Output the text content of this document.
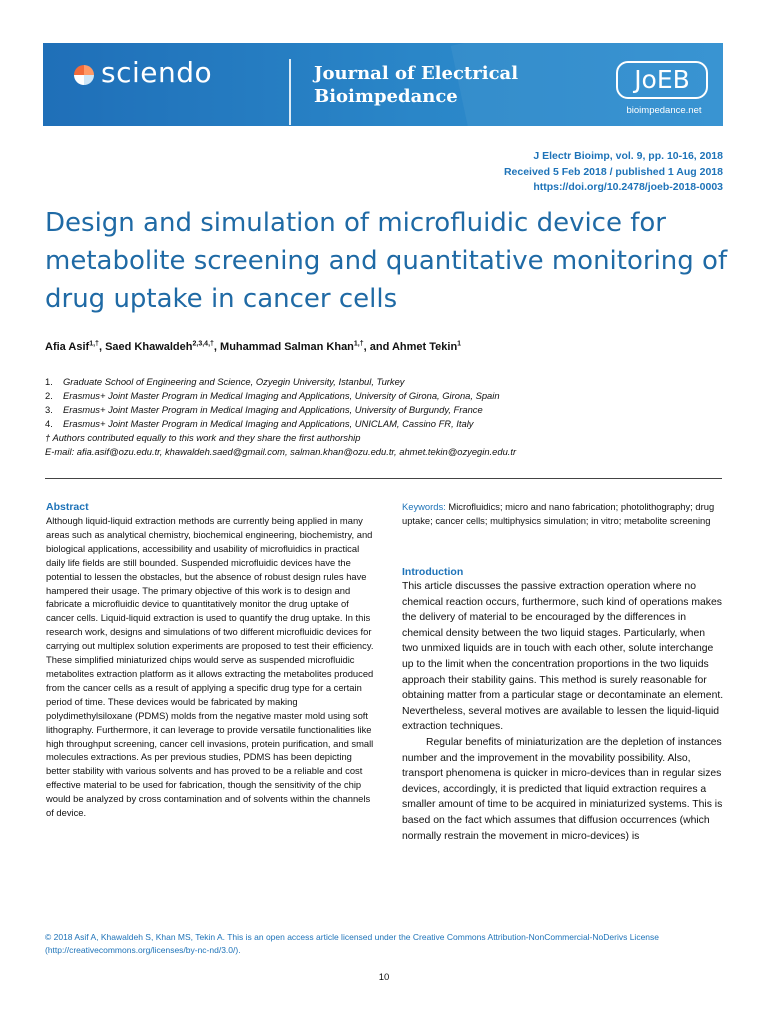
sciendo	Journal of Electrical
Bioimpedance
JoEB
bioimpedance.net
J Electr Bioimp, vol. 9, pp. 10-16, 2018
Received 5 Feb 2018 / published 1 Aug 2018
https://doi.org/10.2478/joeb-2018-0003
Design and simulation of microfluidic device for metabolite screening and quantitative monitoring of drug uptake in cancer cells
Afia Asif$^{1,\dagger}$, Saed Khawaldeh$^{2,3,4,\dagger}$, Muhammad Salman Khan$^{1,\dagger}$, and Ahmet Tekin$^1$
1.	Graduate School of Engineering and Science, Ozyegin University, Istanbul, Turkey
2.	Erasmus+ Joint Master Program in Medical Imaging and Applications, University of Girona, Girona, Spain
3.	Erasmus+ Joint Master Program in Medical Imaging and Applications, University of Burgundy, France
4.	Erasmus+ Joint Master Program in Medical Imaging and Applications, UNICLAM, Cassino FR, Italy
† Authors contributed equally to this work and they share the first authorship
E-mail: afia.asif@ozu.edu.tr, khawaldeh.saed@gmail.com, salman.khan@ozu.edu.tr, ahmet.tekin@ozyegin.edu.tr
Abstract

Although liquid-liquid extraction methods are currently being applied in many areas such as analytical chemistry, biochemical engineering, biochemistry, and biological applications, accessibility and usability of microfluidics in practical daily life fields are still bounded. Suspended microfluidic devices have the potential to lessen the obstacles, but the absence of robust design rules have hampered their usage. The primary objective of this work is to design and fabricate a microfluidic device to quantitatively monitor the drug uptake of cancer cells. Liquid-liquid extraction is used to quantify the drug uptake. In this research work, designs and simulations of two different microfluidic devices for carrying out multiplex solution experiments are proposed to test their efficiency. These simplified miniaturized chips would serve as suspended microfluidic metabolites extraction platform as it allows extracting the metabolites produced from the cancer cells as a result of applying a specific drug type for a certain period of time. These devices would be fabricated by making polydimethylsiloxane (PDMS) molds from the negative master mold using soft lithography. Furthermore, it can leverage to provide versatile functionalities like high throughput screening, cancer cell invasions, protein purification, and small molecules extractions. As per previous studies, PDMS has been depicting better stability with various solvents and has proved to be a reliable and cost effective material to be used for fabrication, though the sensitivity of the chip would be analyzed by cross contamination and of solvents within the channels of device.

Keywords: Microfluidics; micro and nano fabrication; photolithography; drug uptake; cancer cells; multiphysics simulation; in vitro; metabolite screening
Introduction

This article discusses the passive extraction operation where no chemical reaction occurs, furthermore, such kind of operations makes the delivery of material to be encouraged by the differences in chemical density between the two liquid stages. Particularly, when two unmixed liquids are in touch with each other, solute interchange up to the limit when the concentration proportions in the two liquids approach their stability gains. This method is surely reasonable for obtaining matter from a particular stage or decontaminate an element. Nevertheless, several motives are available to lessen the liquid-liquid extraction techniques.

Regular benefits of miniaturization are the depletion of instances number and the improvement in the movability possibility. Also, transport phenomena is quicker in micro-devices than in regular sizes devices, accordingly, it is predicted that liquid extraction requires a smaller amount of time to be acquired in miniaturized systems. This is based on the fact which assumes that diffusion occurrences (which normally restrain the movement in micro-devices) is

© 2018 Asif A, Khawaldeh S, Khan MS, Tekin A. This is an open access article licensed under the Creative Commons Attribution-NonCommercial-NoDerivs License (http://creativecommons.org/licenses/by-nc-nd/3.0/).
10
